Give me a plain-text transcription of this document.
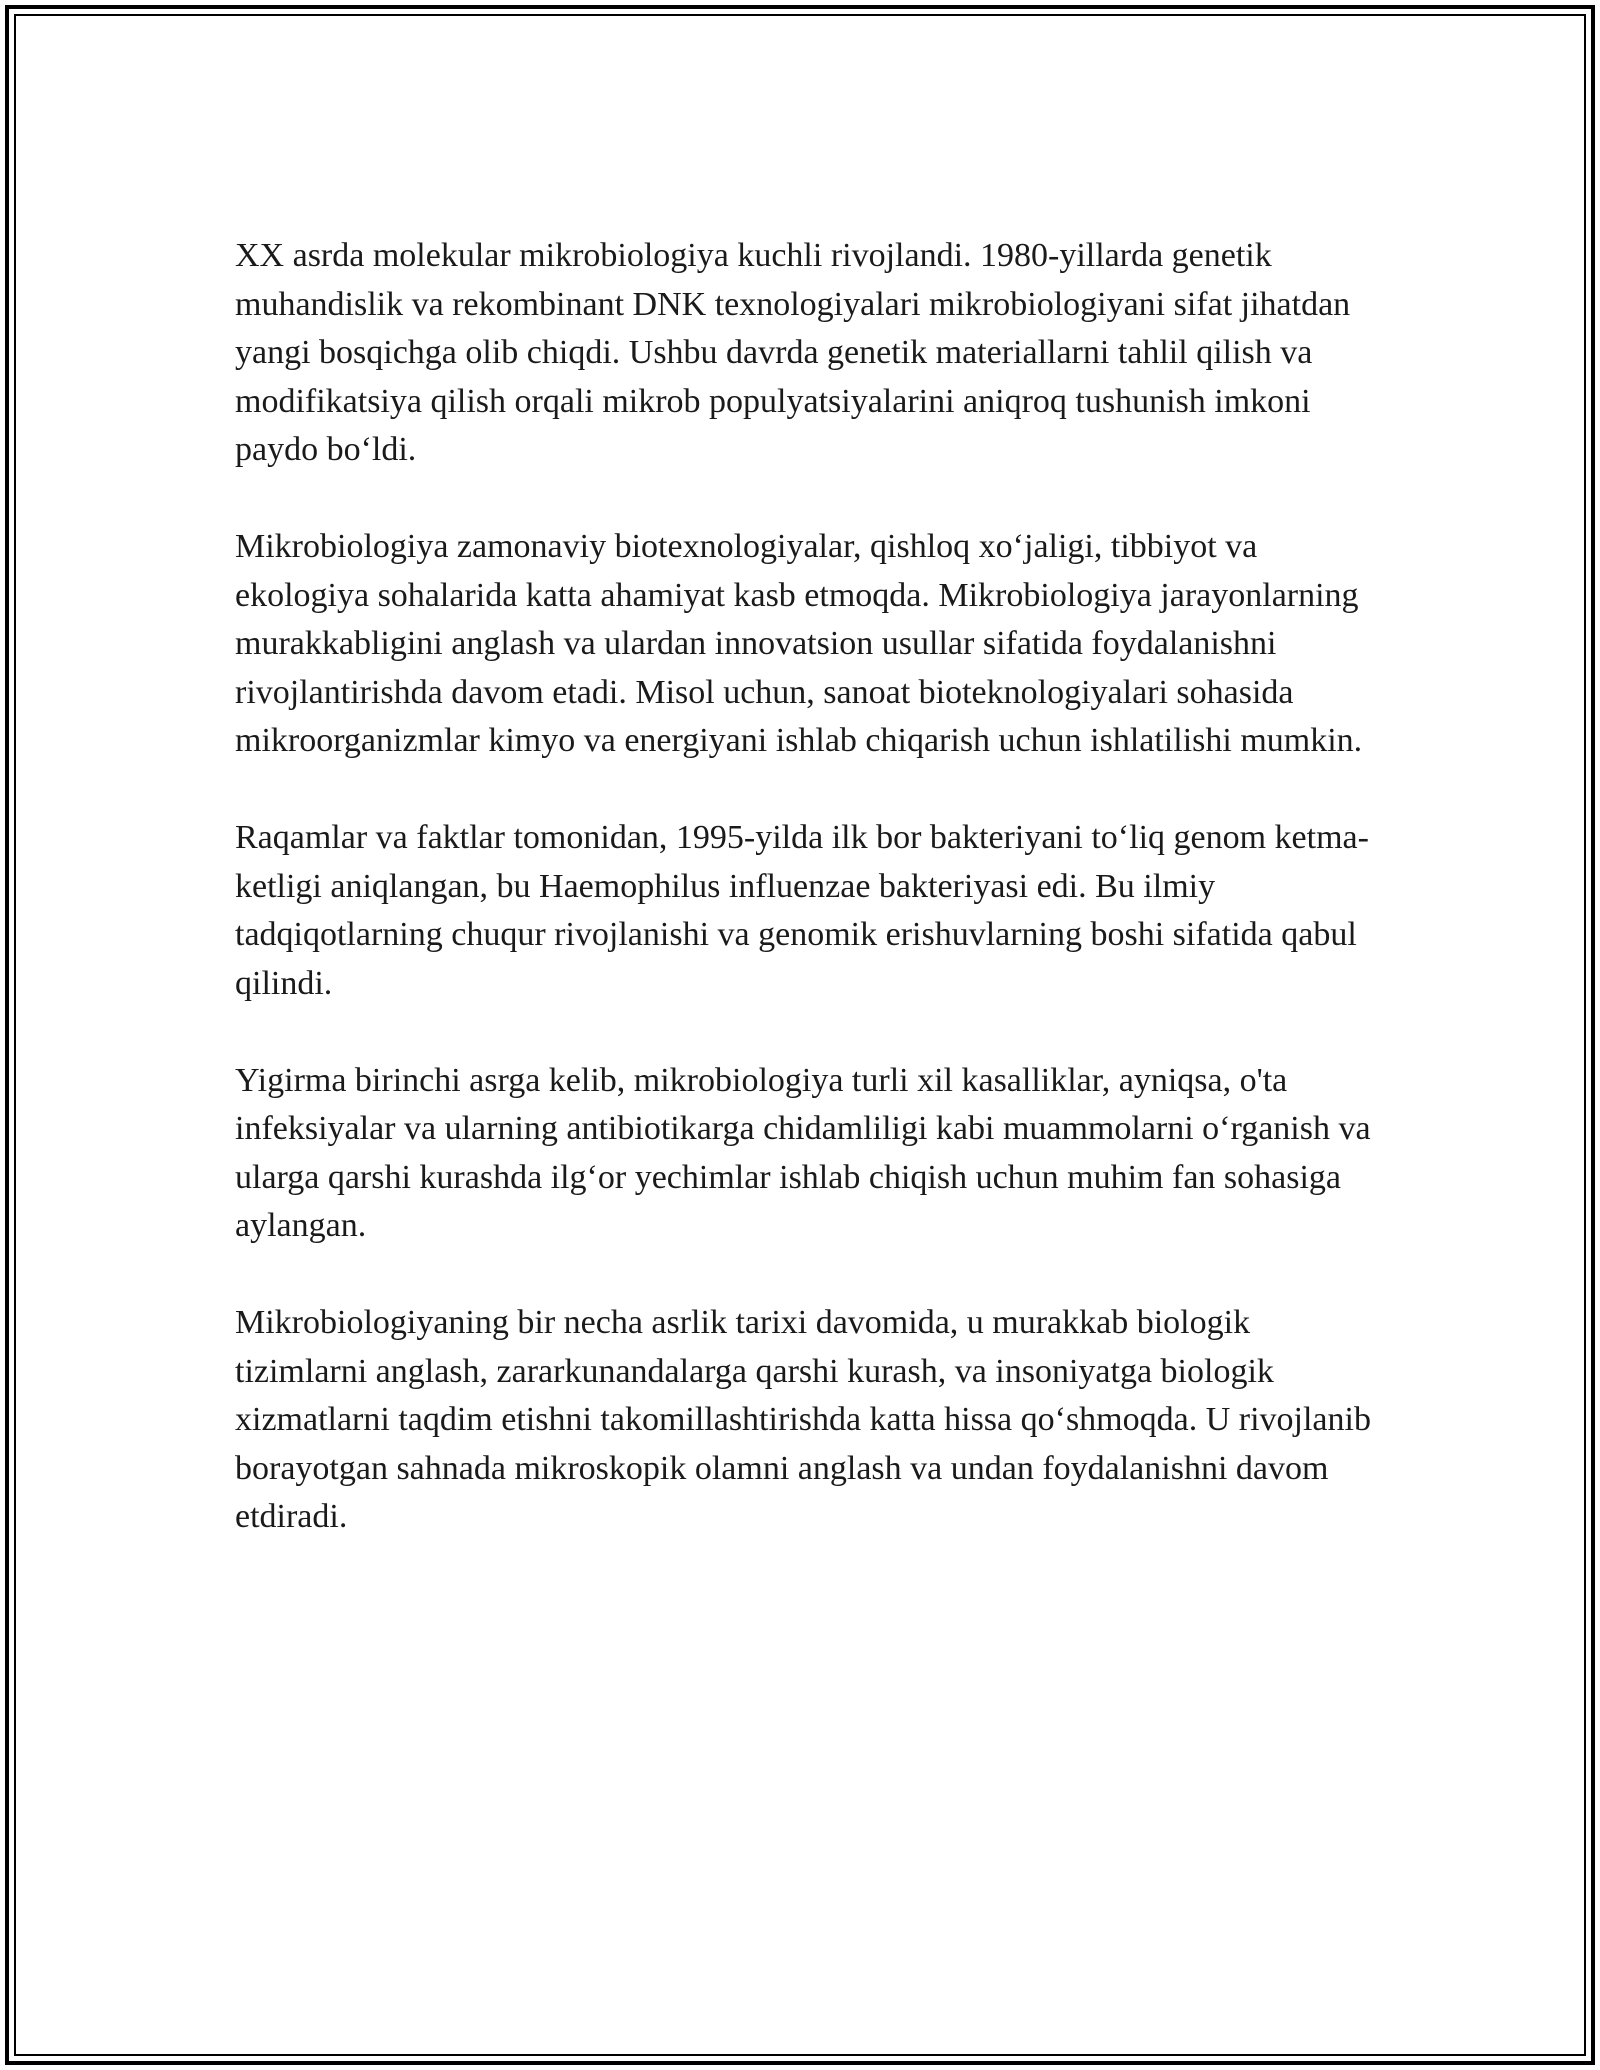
XX asrda molekular mikrobiologiya kuchli rivojlandi. 1980-yillarda genetik muhandislik va rekombinant DNK texnologiyalari mikrobiologiyani sifat jihatdan yangi bosqichga olib chiqdi. Ushbu davrda genetik materiallarni tahlil qilish va modifikatsiya qilish orqali mikrob populyatsiyalarini aniqroq tushunish imkoni paydo bo‘ldi.

Mikrobiologiya zamonaviy biotexnologiyalar, qishloq xo‘jaligi, tibbiyot va ekologiya sohalarida katta ahamiyat kasb etmoqda. Mikrobiologiya jarayonlarning murakkabligini anglash va ulardan innovatsion usullar sifatida foydalanishni rivojlantirishda davom etadi. Misol uchun, sanoat bioteknologiyalari sohasida mikroorganizmlar kimyo va energiyani ishlab chiqarish uchun ishlatilishi mumkin.

Raqamlar va faktlar tomonidan, 1995-yilda ilk bor bakteriyani to‘liq genom ketma-ketligi aniqlangan, bu Haemophilus influenzae bakteriyasi edi. Bu ilmiy tadqiqotlarning chuqur rivojlanishi va genomik erishuvlarning boshi sifatida qabul qilindi.

Yigirma birinchi asrga kelib, mikrobiologiya turli xil kasalliklar, ayniqsa, o'ta infeksiyalar va ularning antibiotikarga chidamliligi kabi muammolarni o‘rganish va ularga qarshi kurashda ilg‘or yechimlar ishlab chiqish uchun muhim fan sohasiga aylangan.

Mikrobiologiyaning bir necha asrlik tarixi davomida, u murakkab biologik tizimlarni anglash, zararkunandalarga qarshi kurash, va insoniyatga biologik xizmatlarni taqdim etishni takomillashtirishda katta hissa qo‘shmoqda. U rivojlanib borayotgan sahnada mikroskopik olamni anglash va undan foydalanishni davom etdiradi.
